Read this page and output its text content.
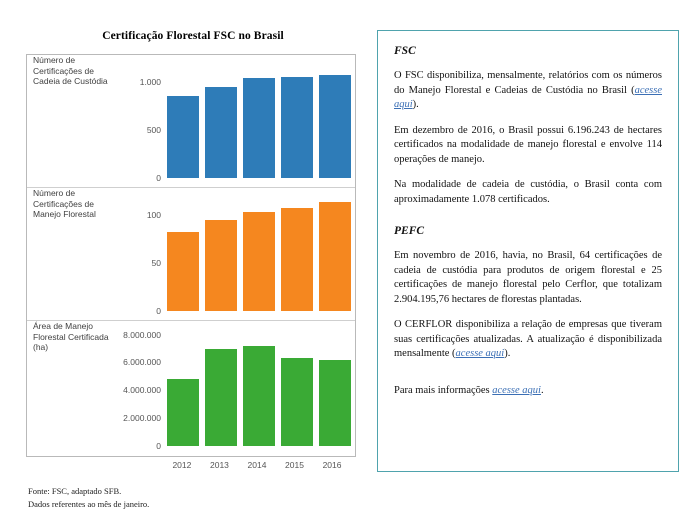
Certificação Florestal FSC no Brasil
Número de Certificações de Cadeia de Custódia
0
500
1.000
Número de Certificações de Manejo Florestal
0
50
100
Área de Manejo Florestal Certificada (ha)
0
2.000.000
4.000.000
6.000.000
8.000.000
2012	2013	2014	2015	2016
Fonte: FSC, adaptado SFB.
Dados referentes ao mês de janeiro.
FSC

O FSC disponibiliza, mensalmente, relatórios com os números do Manejo Florestal e Cadeias de Custódia no Brasil (acesse aqui).

Em dezembro de 2016, o Brasil possui 6.196.243 de hectares certificados na modalidade de manejo florestal e envolve 114 operações de manejo.

Na modalidade de cadeia de custódia, o Brasil conta com aproximadamente 1.078 certificados.

PEFC

Em novembro de 2016, havia, no Brasil, 64 certificações de cadeia de custódia para produtos de origem florestal e 25 certificações de manejo florestal pelo Cerflor, que totalizam 2.904.195,76 hectares de florestas plantadas.

O CERFLOR disponibiliza a relação de empresas que tiveram suas certificações atualizadas. A atualização é disponibilizada mensalmente (acesse aqui).

Para mais informações acesse aqui.
